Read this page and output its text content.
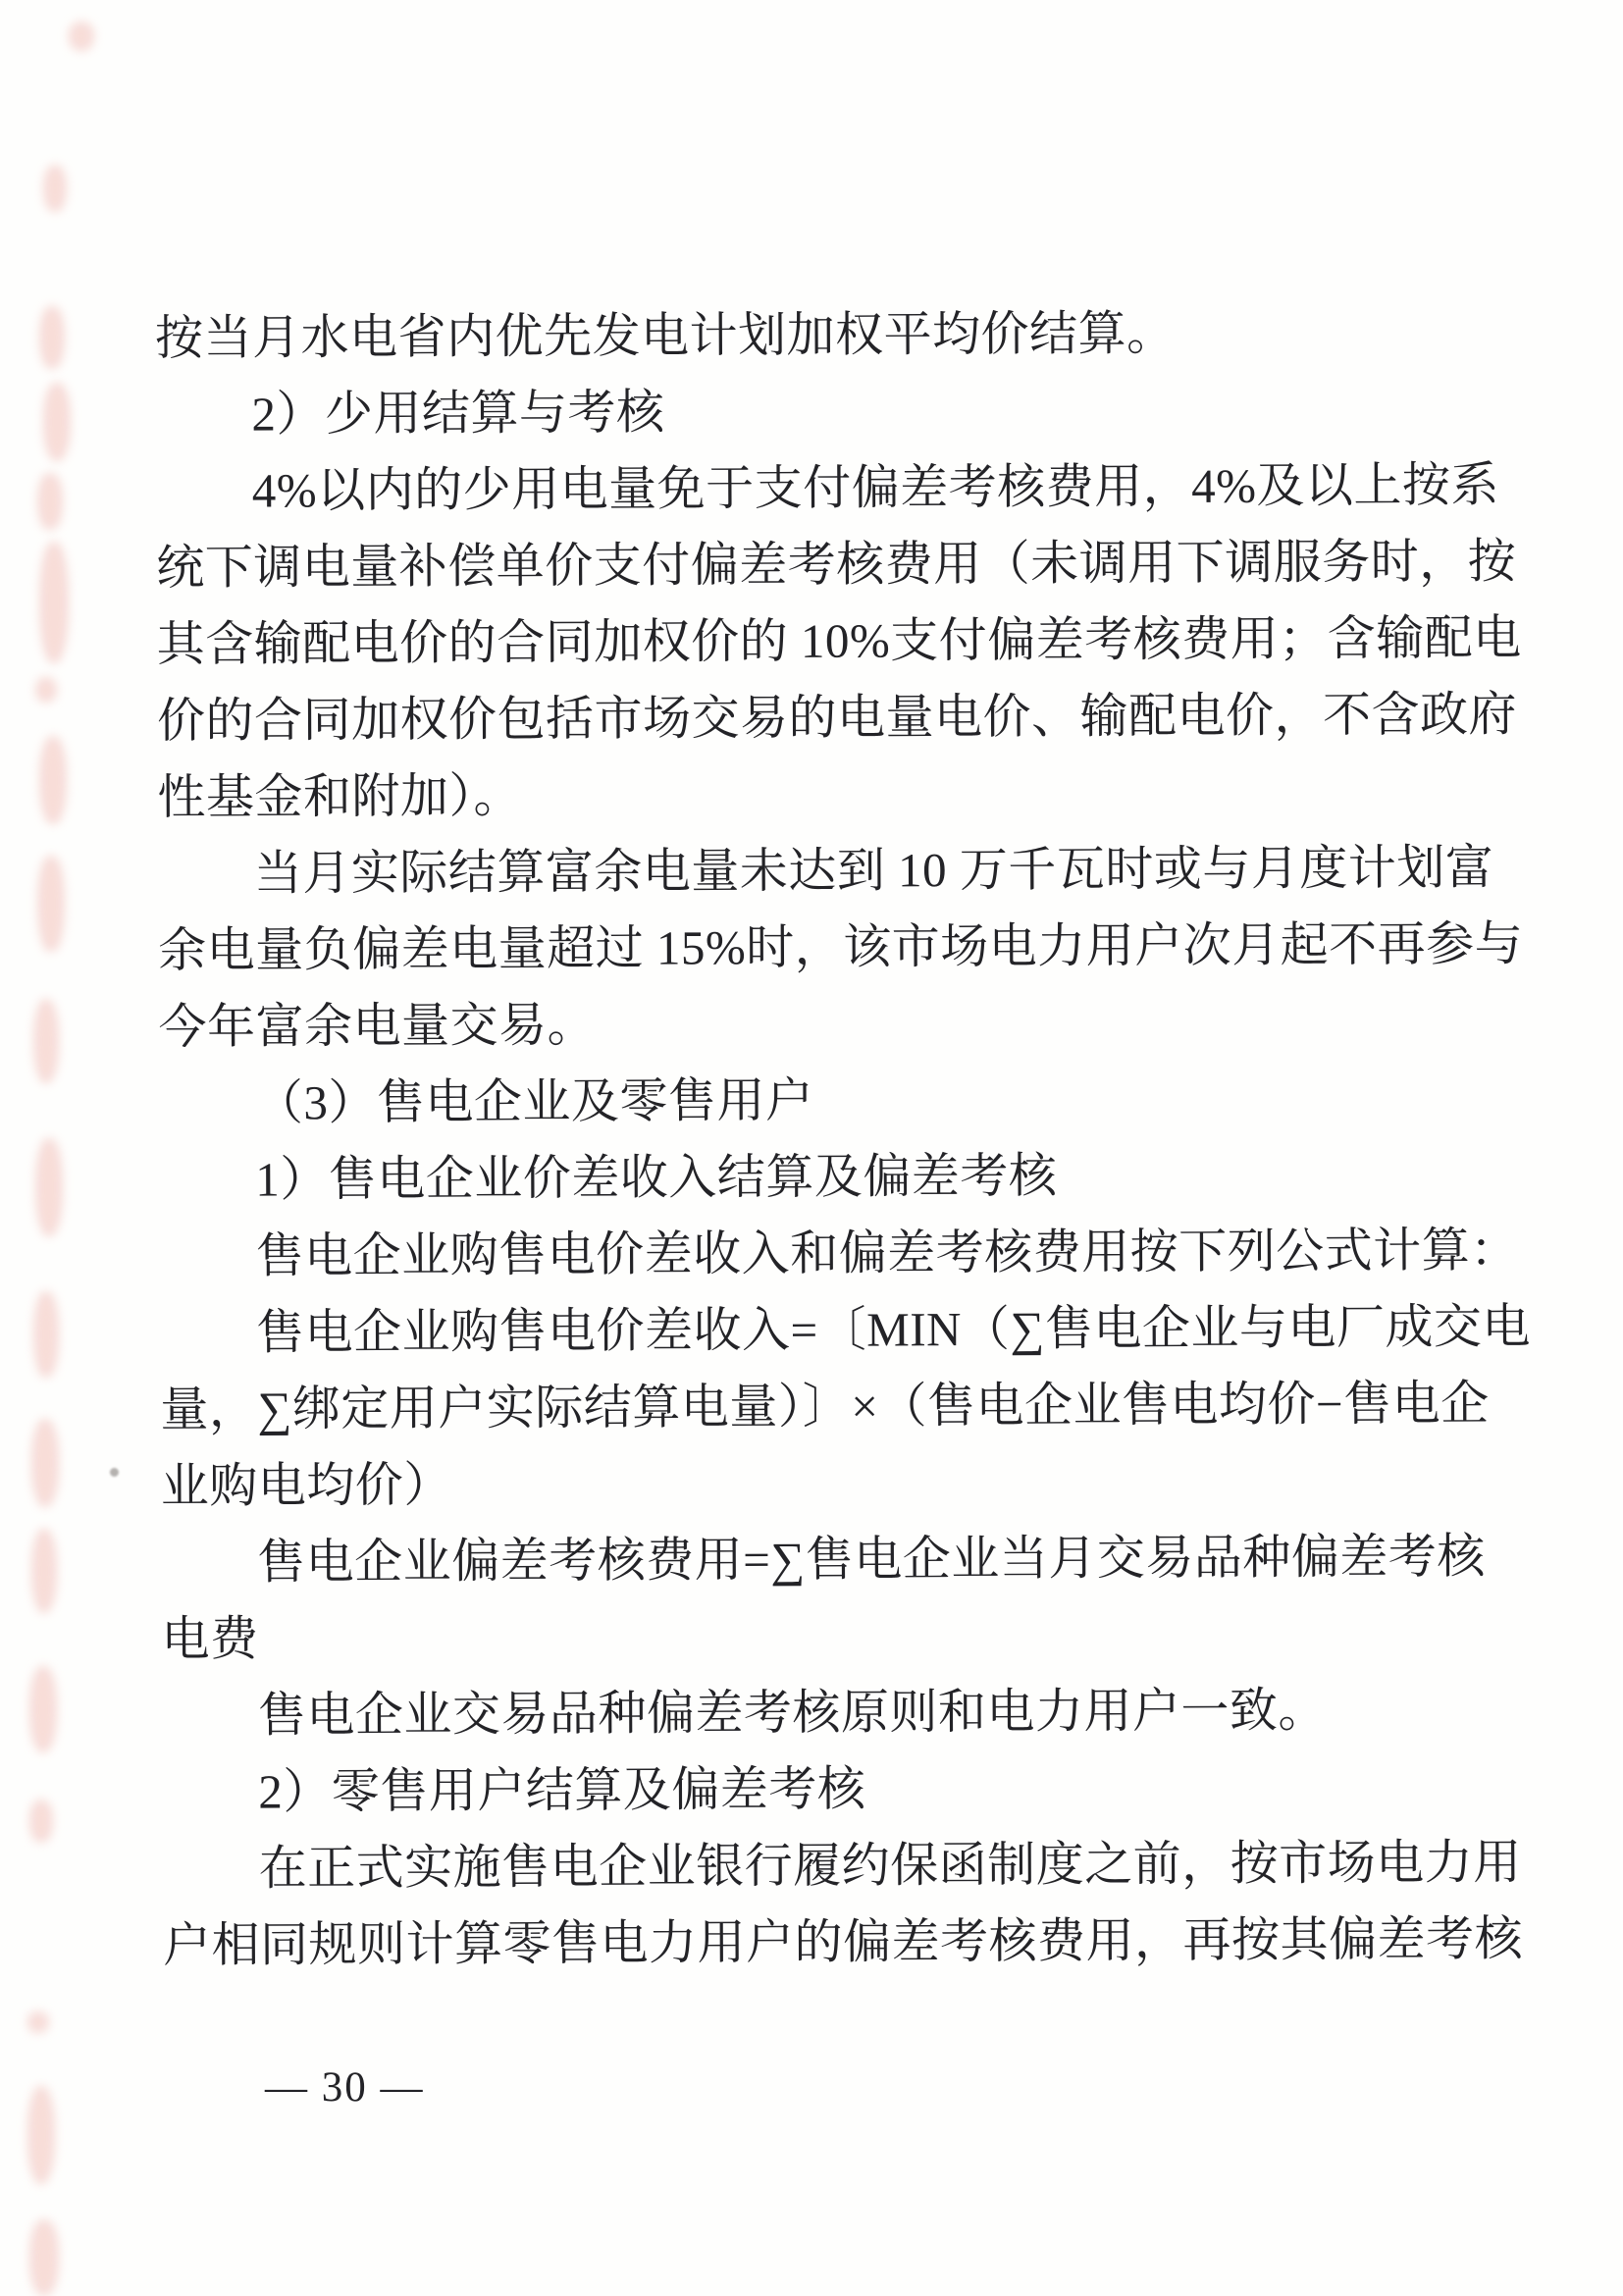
按当月水电省内优先发电计划加权平均价结算。
2）少用结算与考核
4%以内的少用电量免于支付偏差考核费用，4%及以上按系
统下调电量补偿单价支付偏差考核费用（未调用下调服务时，按
其含输配电价的合同加权价的 10%支付偏差考核费用；含输配电
价的合同加权价包括市场交易的电量电价、输配电价，不含政府
性基金和附加）。
当月实际结算富余电量未达到 10 万千瓦时或与月度计划富
余电量负偏差电量超过 15%时，该市场电力用户次月起不再参与
今年富余电量交易。
（3）售电企业及零售用户
1）售电企业价差收入结算及偏差考核
售电企业购售电价差收入和偏差考核费用按下列公式计算：
售电企业购售电价差收入=〔MIN（∑售电企业与电厂成交电
量，∑绑定用户实际结算电量）〕×（售电企业售电均价−售电企
业购电均价）
售电企业偏差考核费用=∑售电企业当月交易品种偏差考核
电费
售电企业交易品种偏差考核原则和电力用户一致。
2）零售用户结算及偏差考核
在正式实施售电企业银行履约保函制度之前，按市场电力用
户相同规则计算零售电力用户的偏差考核费用，再按其偏差考核
— 30 —
